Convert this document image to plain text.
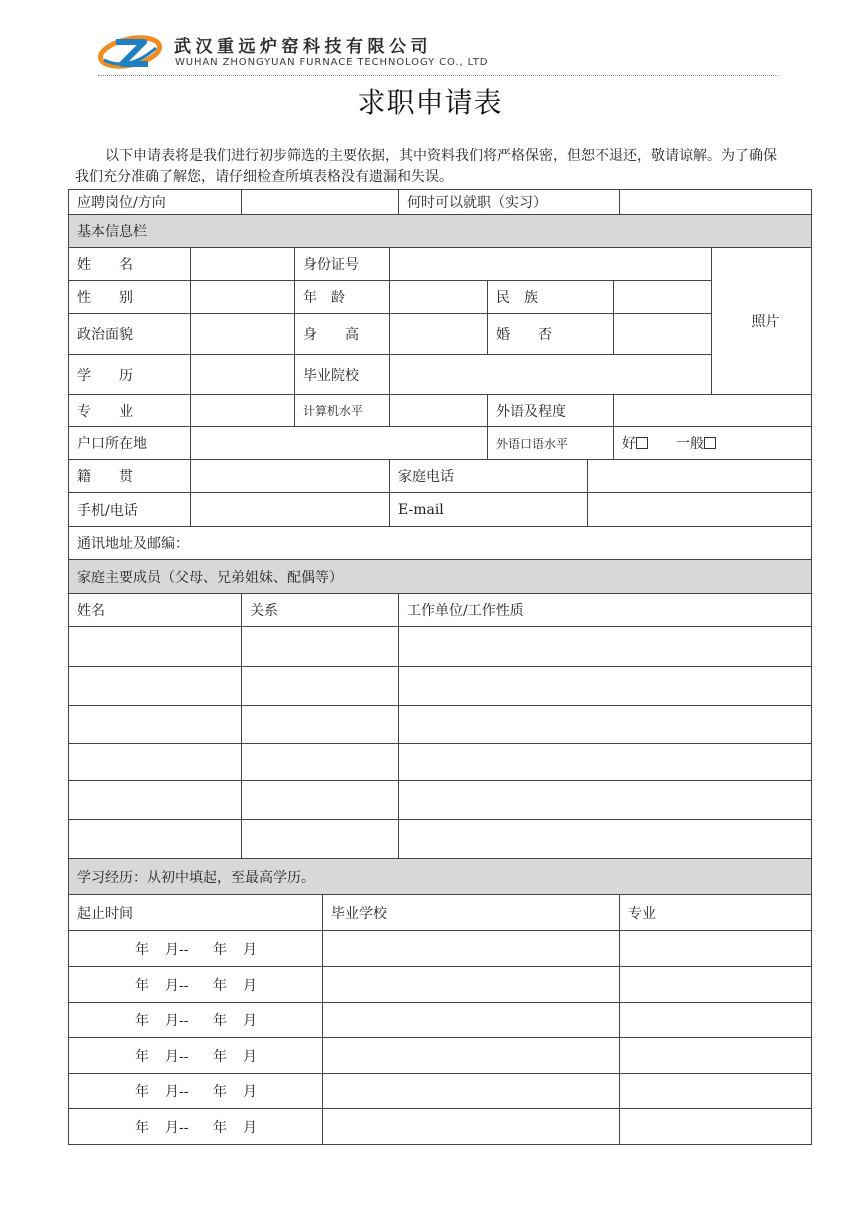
武汉重远炉窑科技有限公司
WUHAN ZHONGYUAN FURNACE TECHNOLOGY CO., LTD
求职申请表
以下申请表将是我们进行初步筛选的主要依据，其中资料我们将严格保密，但恕不退还，敬请谅解。为了确保我们充分准确了解您，请仔细检查所填表格没有遗漏和失误。
应聘岗位/方向		何时可以就职（实习）	
基本信息栏
姓　　名		身份证号				照片
性　　别		年　龄		民　族		
政治面貌		身　　高		婚　　否		
学　　历		毕业院校				
专　　业		计算机水平		外语及程度		
户口所在地				外语口语水平	好 一般	
籍　　贯		家庭电话	
手机/电话		E-mail	
通讯地址及邮编：			
家庭主要成员（父母、兄弟姐妹、配偶等）			
姓名	关系	工作单位/工作性质

学习经历：从初中填起，至最高学历。		
起止时间	毕业学校	专业
年 月-- 年 月		
年 月-- 年 月		
年 月-- 年 月		
年 月-- 年 月		
年 月-- 年 月		
年 月-- 年 月		
